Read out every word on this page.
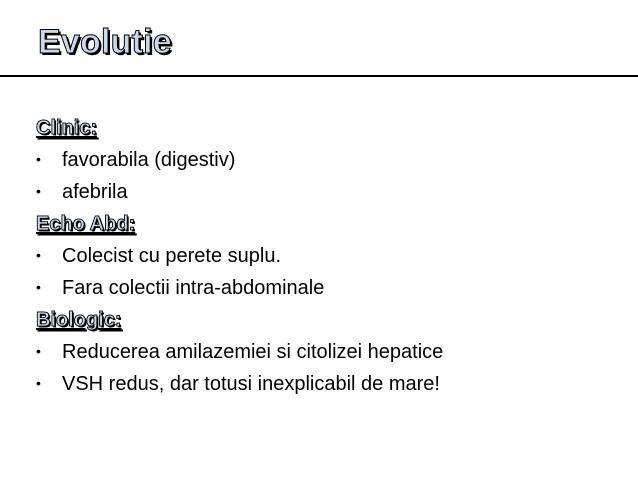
Evolutie
Clinic:
•	favorabila (digestiv)
•	afebrila
Echo Abd:
•	Colecist cu perete suplu.
•	Fara colectii intra-abdominale
Biologic:
•	Reducerea amilazemiei si citolizei hepatice
•	VSH redus, dar totusi inexplicabil de mare!
